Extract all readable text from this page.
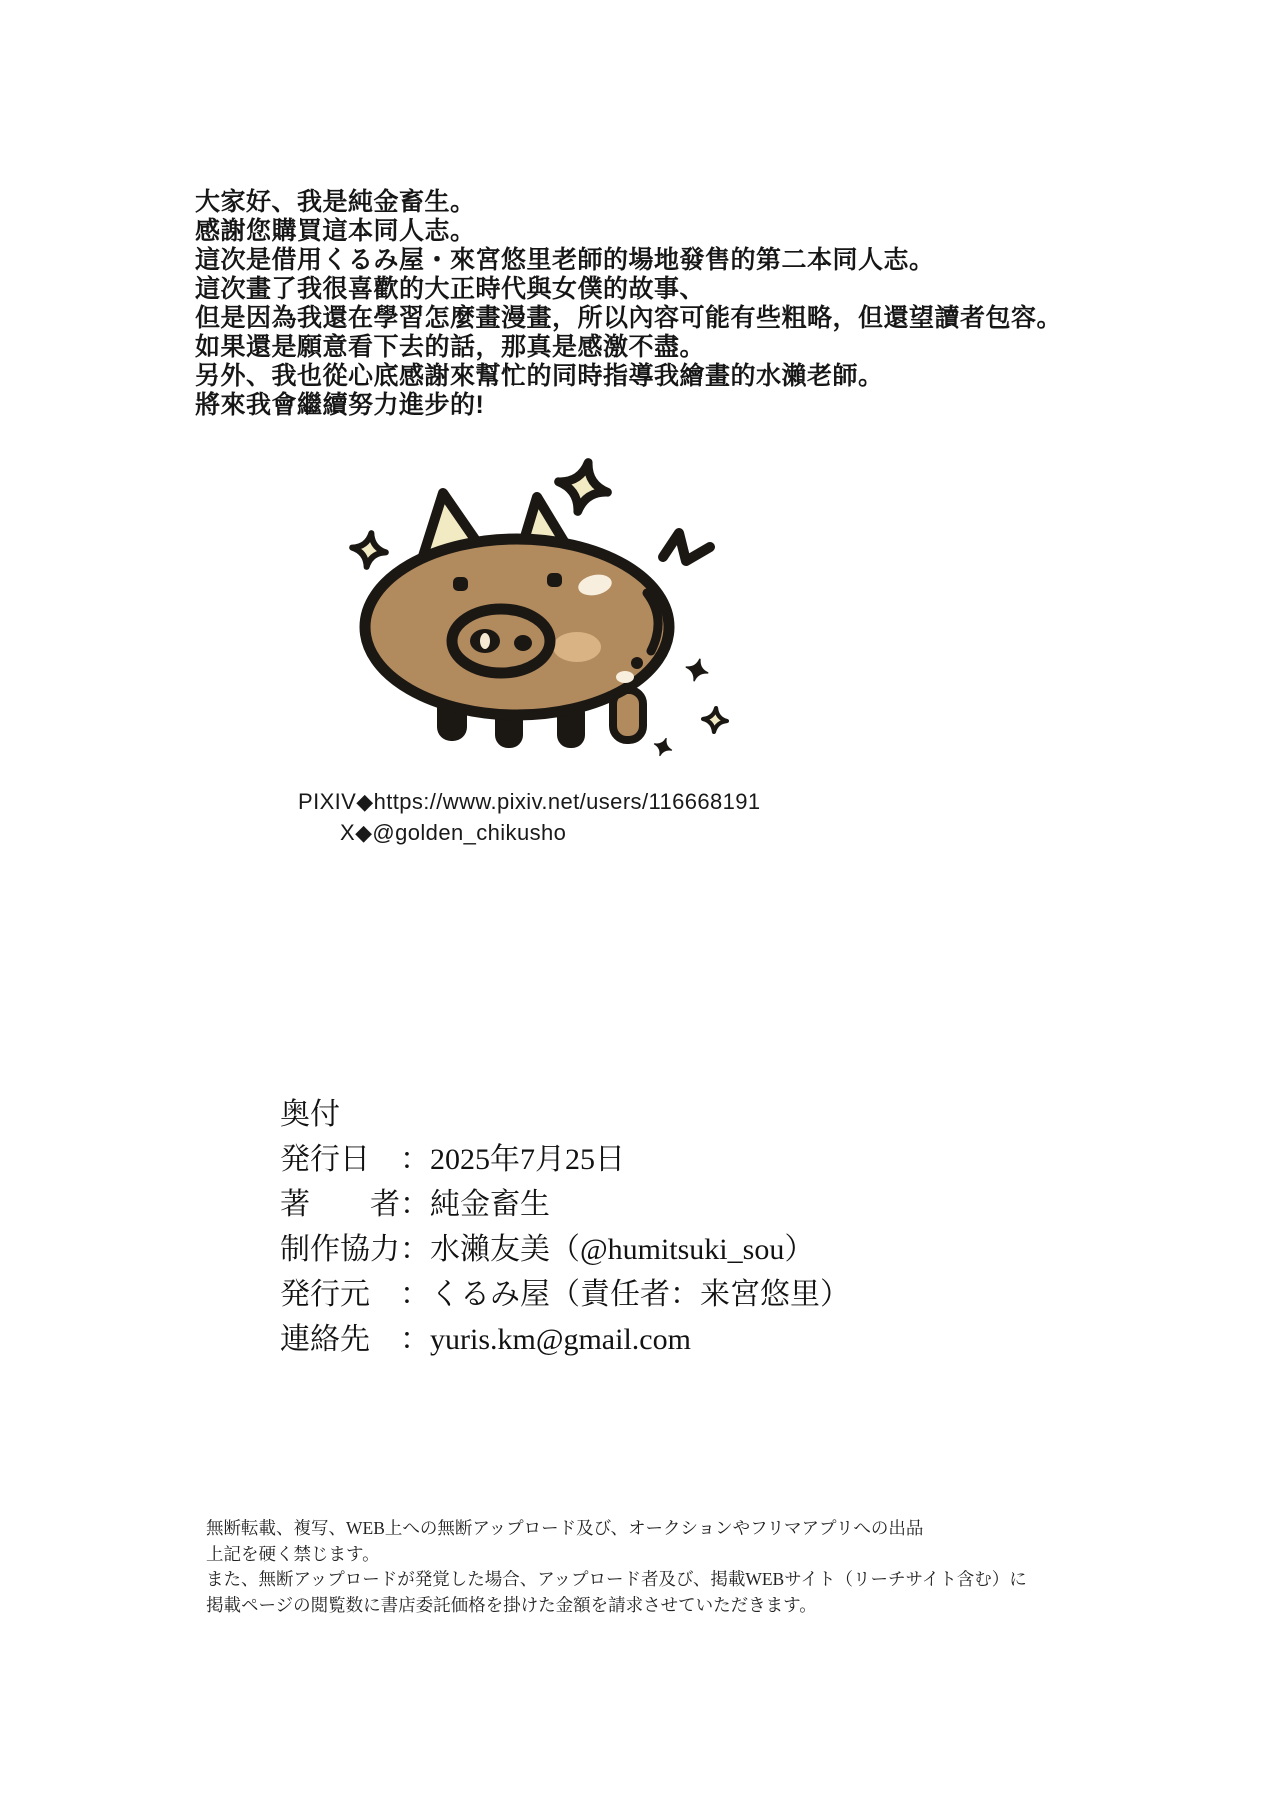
大家好、我是純金畜生。
感謝您購買這本同人志。
這次是借用くるみ屋・來宮悠里老師的場地發售的第二本同人志。
這次畫了我很喜歡的大正時代與女僕的故事、
但是因為我還在學習怎麼畫漫畫，所以內容可能有些粗略，但還望讀者包容。
如果還是願意看下去的話，那真是感激不盡。
另外、我也從心底感謝來幫忙的同時指導我繪畫的水瀨老師。
將來我會繼續努力進步的!
PIXIV◆https://www.pixiv.net/users/116668191
X◆@golden_chikusho
奥付
発行日　：2025年7月25日
著　　者：純金畜生
制作協力：水瀨友美（@humitsuki_sou）
発行元　：くるみ屋（責任者：来宮悠里）
連絡先　：yuris.km@gmail.com
無断転載、複写、WEB上への無断アップロード及び、オークションやフリマアプリへの出品
上記を硬く禁じます。
また、無断アップロードが発覚した場合、アップロード者及び、掲載WEBサイト（リーチサイト含む）に
掲載ページの閲覧数に書店委託価格を掛けた金額を請求させていただきます。
